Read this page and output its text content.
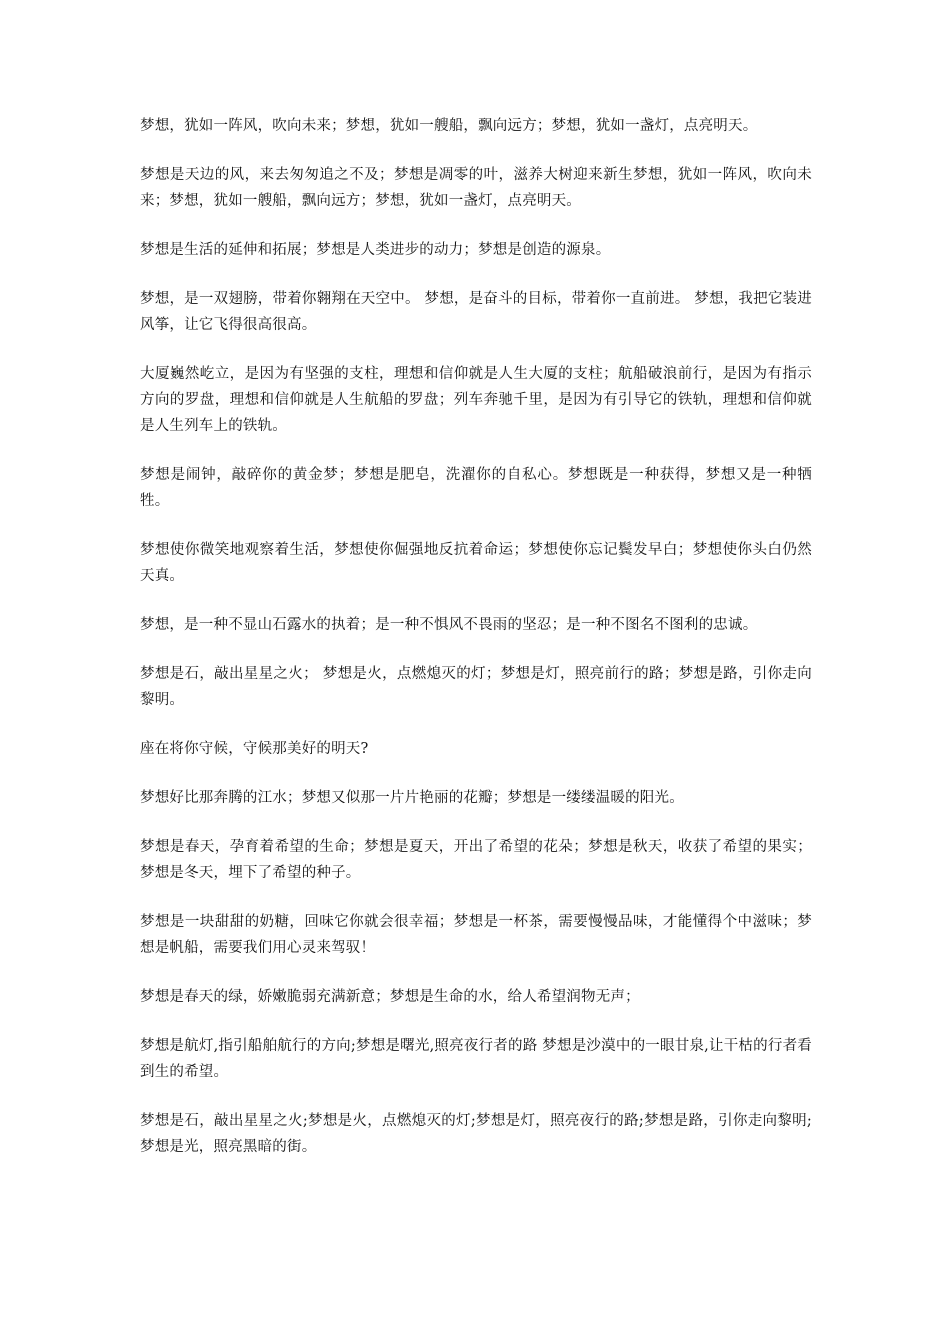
梦想，犹如一阵风，吹向未来；梦想，犹如一艘船，飘向远方；梦想，犹如一盏灯，点亮明天。

梦想是天边的风，来去匆匆追之不及；梦想是凋零的叶，滋养大树迎来新生梦想，犹如一阵风，吹向未来；梦想，犹如一艘船，飘向远方；梦想，犹如一盏灯，点亮明天。

梦想是生活的延伸和拓展；梦想是人类进步的动力；梦想是创造的源泉。

梦想，是一双翅膀，带着你翱翔在天空中。 梦想，是奋斗的目标，带着你一直前进。 梦想，我把它装进风筝，让它飞得很高很高。

大厦巍然屹立，是因为有坚强的支柱，理想和信仰就是人生大厦的支柱；航船破浪前行，是因为有指示 方向的罗盘，理想和信仰就是人生航船的罗盘；列车奔驰千里，是因为有引导它的铁轨，理想和信仰就是人生列车上的铁轨。

梦想是闹钟，敲碎你的黄金梦；梦想是肥皂，洗濯你的自私心。梦想既是一种获得，梦想又是一种牺牲。

梦想使你微笑地观察着生活，梦想使你倔强地反抗着命运；梦想使你忘记鬓发早白；梦想使你头白仍然天真。

梦想，是一种不显山石露水的执着；是一种不惧风不畏雨的坚忍；是一种不图名不图利的忠诚。

梦想是石，敲出星星之火； 梦想是火，点燃熄灭的灯；梦想是灯，照亮前行的路；梦想是路，引你走向黎明。

座在将你守候，守候那美好的明天?

梦想好比那奔腾的江水；梦想又似那一片片艳丽的花瓣；梦想是一缕缕温暖的阳光。

梦想是春天，孕育着希望的生命；梦想是夏天，开出了希望的花朵；梦想是秋天，收获了希望的果实；梦想是冬天，埋下了希望的种子。

梦想是一块甜甜的奶糖，回味它你就会很幸福；梦想是一杯茶，需要慢慢品味，才能懂得个中滋味；梦想是帆船，需要我们用心灵来驾驭！

梦想是春天的绿，娇嫩脆弱充满新意；梦想是生命的水，给人希望润物无声；

梦想是航灯,指引船舶航行的方向;梦想是曙光,照亮夜行者的路 梦想是沙漠中的一眼甘泉,让干枯的行者看到生的希望。

梦想是石，敲出星星之火;梦想是火，点燃熄灭的灯;梦想是灯，照亮夜行的路;梦想是路，引你走向黎明;梦想是光，照亮黑暗的街。
